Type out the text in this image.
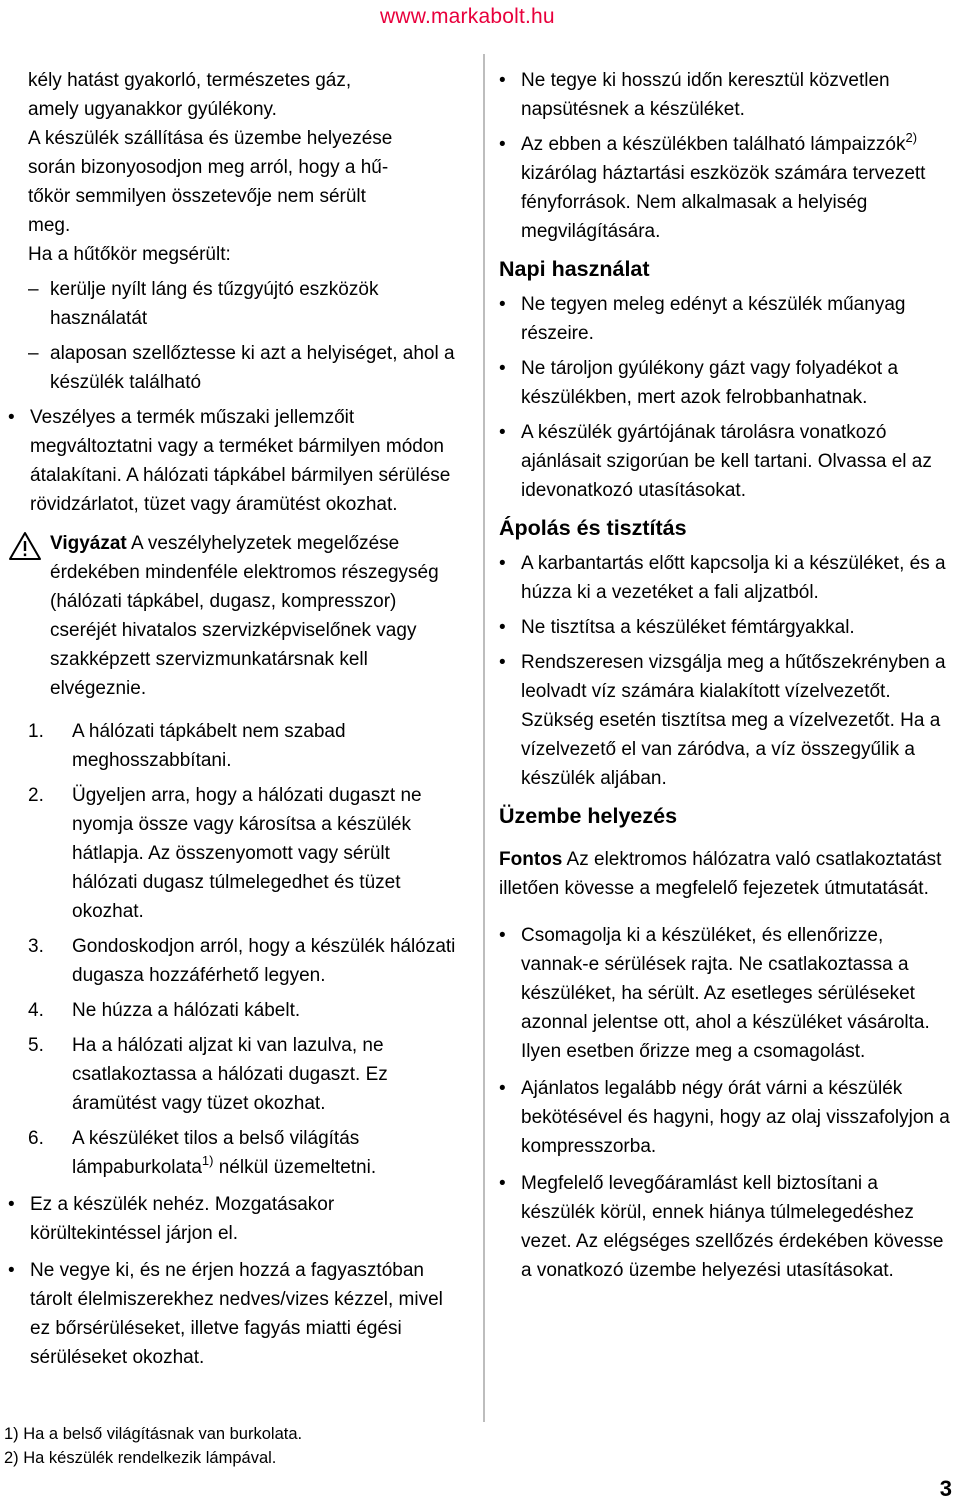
www.markabolt.hu

kély hatást gyakorló, természetes gáz,

amely ugyanakkor gyúlékony.

A készülék szállítása és üzembe helyezése

során bizonyosodjon meg arról, hogy a hű-

tőkör semmilyen összetevője nem sérült

meg.

Ha a hűtőkör megsérült:

– kerülje nyílt láng és tűzgyújtó eszközök használatát
– alaposan szellőztesse ki azt a helyiséget, ahol a készülék található
• Veszélyes a termék műszaki jellemzőit megváltoztatni vagy a terméket bármilyen módon átalakítani. A hálózati tápkábel bármilyen sérülése rövidzárlatot, tüzet vagy áramütést okozhat.

Vigyázat A veszélyhelyzetek megelőzése érdekében mindenféle elektromos részegység (hálózati tápkábel, dugasz, kompresszor) cseréjét hivatalos szervizképviselőnek vagy szakképzett szervizmunkatársnak kell elvégeznie.

1. A hálózati tápkábelt nem szabad meghosszabbítani.
2. Ügyeljen arra, hogy a hálózati dugaszt ne nyomja össze vagy károsítsa a készülék hátlapja. Az összenyomott vagy sérült hálózati dugasz túlmelegedhet és tüzet okozhat.
3. Gondoskodjon arról, hogy a készülék hálózati dugasza hozzáférhető legyen.
4. Ne húzza a hálózati kábelt.
5. Ha a hálózati aljzat ki van lazulva, ne csatlakoztassa a hálózati dugaszt. Ez áramütést vagy tüzet okozhat.
6. A készüléket tilos a belső világítás lámpaburkolata$^{1)}$ nélkül üzemeltetni.
• Ez a készülék nehéz. Mozgatásakor körültekintéssel járjon el.
• Ne vegye ki, és ne érjen hozzá a fagyasztóban tárolt élelmiszerekhez nedves/vizes kézzel, mivel ez bőrsérüléseket, illetve fagyás miatti égési sérüléseket okozhat.
• Ne tegye ki hosszú időn keresztül közvetlen napsütésnek a készüléket.
• Az ebben a készülékben található lámpaizzók$^{2)}$ kizárólag háztartási eszközök számára tervezett fényforrások. Nem alkalmasak a helyiség megvilágítására.
Napi használat
• Ne tegyen meleg edényt a készülék műanyag részeire.
• Ne tároljon gyúlékony gázt vagy folyadékot a készülékben, mert azok felrobbanhatnak.
• A készülék gyártójának tárolásra vonatkozó ajánlásait szigorúan be kell tartani. Olvassa el az idevonatkozó utasításokat.
Ápolás és tisztítás
• A karbantartás előtt kapcsolja ki a készüléket, és a húzza ki a vezetéket a fali aljzatból.
• Ne tisztítsa a készüléket fémtárgyakkal.
• Rendszeresen vizsgálja meg a hűtőszekrényben a leolvadt víz számára kialakított vízelvezetőt. Szükség esetén tisztítsa meg a vízelvezetőt. Ha a vízelvezető el van záródva, a víz összegyűlik a készülék aljában.
Üzembe helyezés

Fontos Az elektromos hálózatra való csatlakoztatást illetően kövesse a megfelelő fejezetek útmutatását.

• Csomagolja ki a készüléket, és ellenőrizze, vannak-e sérülések rajta. Ne csatlakoztassa a készüléket, ha sérült. Az esetleges sérüléseket azonnal jelentse ott, ahol a készüléket vásárolta. Ilyen esetben őrizze meg a csomagolást.
• Ajánlatos legalább négy órát várni a készülék bekötésével és hagyni, hogy az olaj visszafolyjon a kompresszorba.
• Megfelelő levegőáramlást kell biztosítani a készülék körül, ennek hiánya túlmelegedéshez vezet. Az elégséges szellőzés érdekében kövesse a vonatkozó üzembe helyezési utasításokat.

1) Ha a belső világításnak van burkolata.

2) Ha készülék rendelkezik lámpával.

3
